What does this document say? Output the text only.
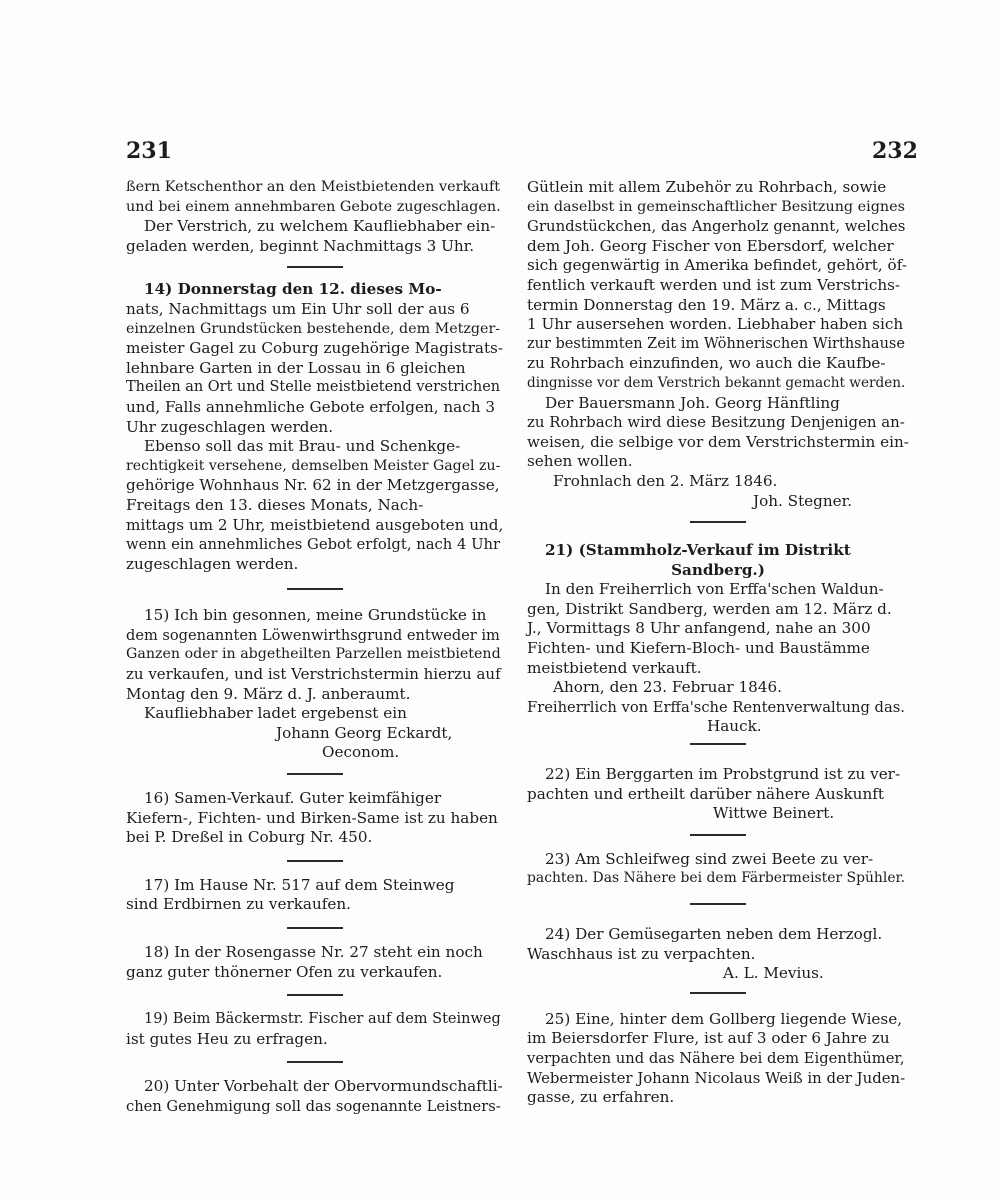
231	232
ßern Ketschenthor an den Meistbietenden verkauft
und bei einem annehmbaren Gebote zugeschlagen.
Der Verstrich, zu welchem Kaufliebhaber ein-
geladen werden, beginnt Nachmittags 3 Uhr.
14) Donnerstag den 12. dieses Mo-
nats, Nachmittags um Ein Uhr soll der aus 6
einzelnen Grundstücken bestehende, dem Metzger-
meister Gagel zu Coburg zugehörige Magistrats-
lehnbare Garten in der Lossau in 6 gleichen
Theilen an Ort und Stelle meistbietend verstrichen
und, Falls annehmliche Gebote erfolgen, nach 3
Uhr zugeschlagen werden.
Ebenso soll das mit Brau- und Schenkge-
rechtigkeit versehene, demselben Meister Gagel zu-
gehörige Wohnhaus Nr. 62 in der Metzgergasse,
Freitags den 13. dieses Monats, Nach-
mittags um 2 Uhr, meistbietend ausgeboten und,
wenn ein annehmliches Gebot erfolgt, nach 4 Uhr
zugeschlagen werden.
15) Ich bin gesonnen, meine Grundstücke in
dem sogenannten Löwenwirthsgrund entweder im
Ganzen oder in abgetheilten Parzellen meistbietend
zu verkaufen, und ist Verstrichstermin hierzu auf
Montag den 9. März d. J. anberaumt.
Kaufliebhaber ladet ergebenst ein
Johann Georg Eckardt,
Oeconom.
16) Samen-Verkauf. Guter keimfähiger
Kiefern-, Fichten- und Birken-Same ist zu haben
bei P. Dreßel in Coburg Nr. 450.
17) Im Hause Nr. 517 auf dem Steinweg
sind Erdbirnen zu verkaufen.
18) In der Rosengasse Nr. 27 steht ein noch
ganz guter thönerner Ofen zu verkaufen.
19) Beim Bäckermstr. Fischer auf dem Steinweg
ist gutes Heu zu erfragen.
20) Unter Vorbehalt der Obervormundschaftli-
chen Genehmigung soll das sogenannte Leistners-
Gütlein mit allem Zubehör zu Rohrbach, sowie
ein daselbst in gemeinschaftlicher Besitzung eignes
Grundstückchen, das Angerholz genannt, welches
dem Joh. Georg Fischer von Ebersdorf, welcher
sich gegenwärtig in Amerika befindet, gehört, öf-
fentlich verkauft werden und ist zum Verstrichs-
termin Donnerstag den 19. März a. c., Mittags
1 Uhr ausersehen worden. Liebhaber haben sich
zur bestimmten Zeit im Wöhnerischen Wirthshause
zu Rohrbach einzufinden, wo auch die Kaufbe-
dingnisse vor dem Verstrich bekannt gemacht werden.
Der Bauersmann Joh. Georg Hänftling
zu Rohrbach wird diese Besitzung Denjenigen an-
weisen, die selbige vor dem Verstrichstermin ein-
sehen wollen.
Frohnlach den 2. März 1846.
Joh. Stegner.
21) (Stammholz-Verkauf im Distrikt
Sandberg.)
In den Freiherrlich von Erffa'schen Waldun-
gen, Distrikt Sandberg, werden am 12. März d.
J., Vormittags 8 Uhr anfangend, nahe an 300
Fichten- und Kiefern-Bloch- und Baustämme
meistbietend verkauft.
Ahorn, den 23. Februar 1846.
Freiherrlich von Erffa'sche Rentenverwaltung das.
Hauck.
22) Ein Berggarten im Probstgrund ist zu ver-
pachten und ertheilt darüber nähere Auskunft
Wittwe Beinert.
23) Am Schleifweg sind zwei Beete zu ver-
pachten. Das Nähere bei dem Färbermeister Spühler.
24) Der Gemüsegarten neben dem Herzogl.
Waschhaus ist zu verpachten.
A. L. Mevius.
25) Eine, hinter dem Gollberg liegende Wiese,
im Beiersdorfer Flure, ist auf 3 oder 6 Jahre zu
verpachten und das Nähere bei dem Eigenthümer,
Webermeister Johann Nicolaus Weiß in der Juden-
gasse, zu erfahren.
